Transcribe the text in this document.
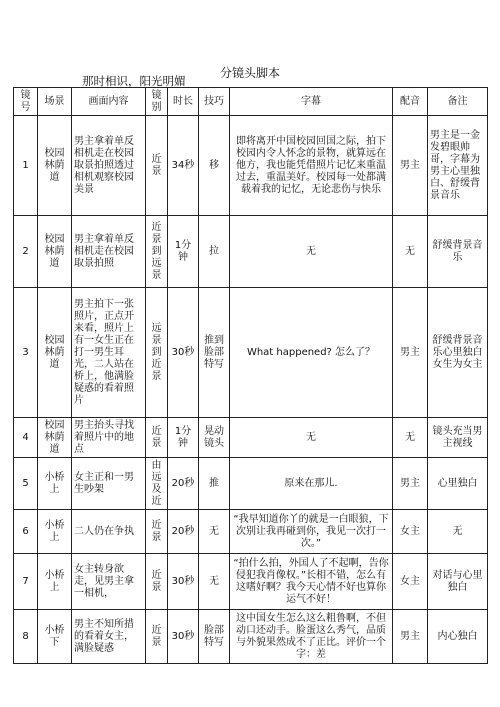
分镜头脚本
那时相识，阳光明媚
镜号	场景	画面内容	镜别	时长	技巧	字幕	配音	备注
1	校园林荫道	男主拿着单反相机走在校园取景拍照透过相机观察校园美景	近景	34秒	移	即将离开中国校园回国之际，拍下校园内令人怀念的景物，就算远在他方，我也能凭借照片记忆来重温过去，重温美好。校园每一处都满载着我的记忆，无论悲伤与快乐	男主	男主是一金发碧眼帅哥，字幕为男主心里独白、舒缓背景音乐
2	校园林荫道	男主拿着单反相机走在校园取景拍照	近景到远景	1分钟	拉	无	无	舒缓背景音乐
3	校园林荫道	男主拍下一张照片，正点开来看，照片上有一女生正在打一男生耳光，二人站在桥上，他满脸疑惑的看着照片	远景到近景	30秒	推到脸部特写	What happened? 怎么了？	男主	舒缓背景音乐心里独白女生为女主
4	校园林荫道	男主抬头寻找着照片中的地点	近景	1分钟	晃动镜头	无	无	镜头充当男主视线
5	小桥上	女主正和一男生吵架	由远及近	20秒	推	原来在那儿.	男主	心里独白
6	小桥上	二人仍在争执	近景	20秒	无	“我早知道你丫的就是一白眼狼，下次别让我再碰到你，我见一次打一次。”	女主	无
7	小桥上	女主转身欲走，见男主拿一相机，	近景	30秒	无	“拍什么拍，外国人了不起啊，告你侵犯我肖像权。”长相不错，怎么有这嗜好啊？我今天心情不好也算你运气不好！	女主	对话与心里独白
8	小桥下	男主不知所措的看着女主，满脸疑惑	近景	30秒	脸部特写	这中国女生怎么这么粗鲁啊，不但动口还动手。脸蛋这么秀气，品质与外貌果然成不了正比。评价一个字：差	男主	内心独白
